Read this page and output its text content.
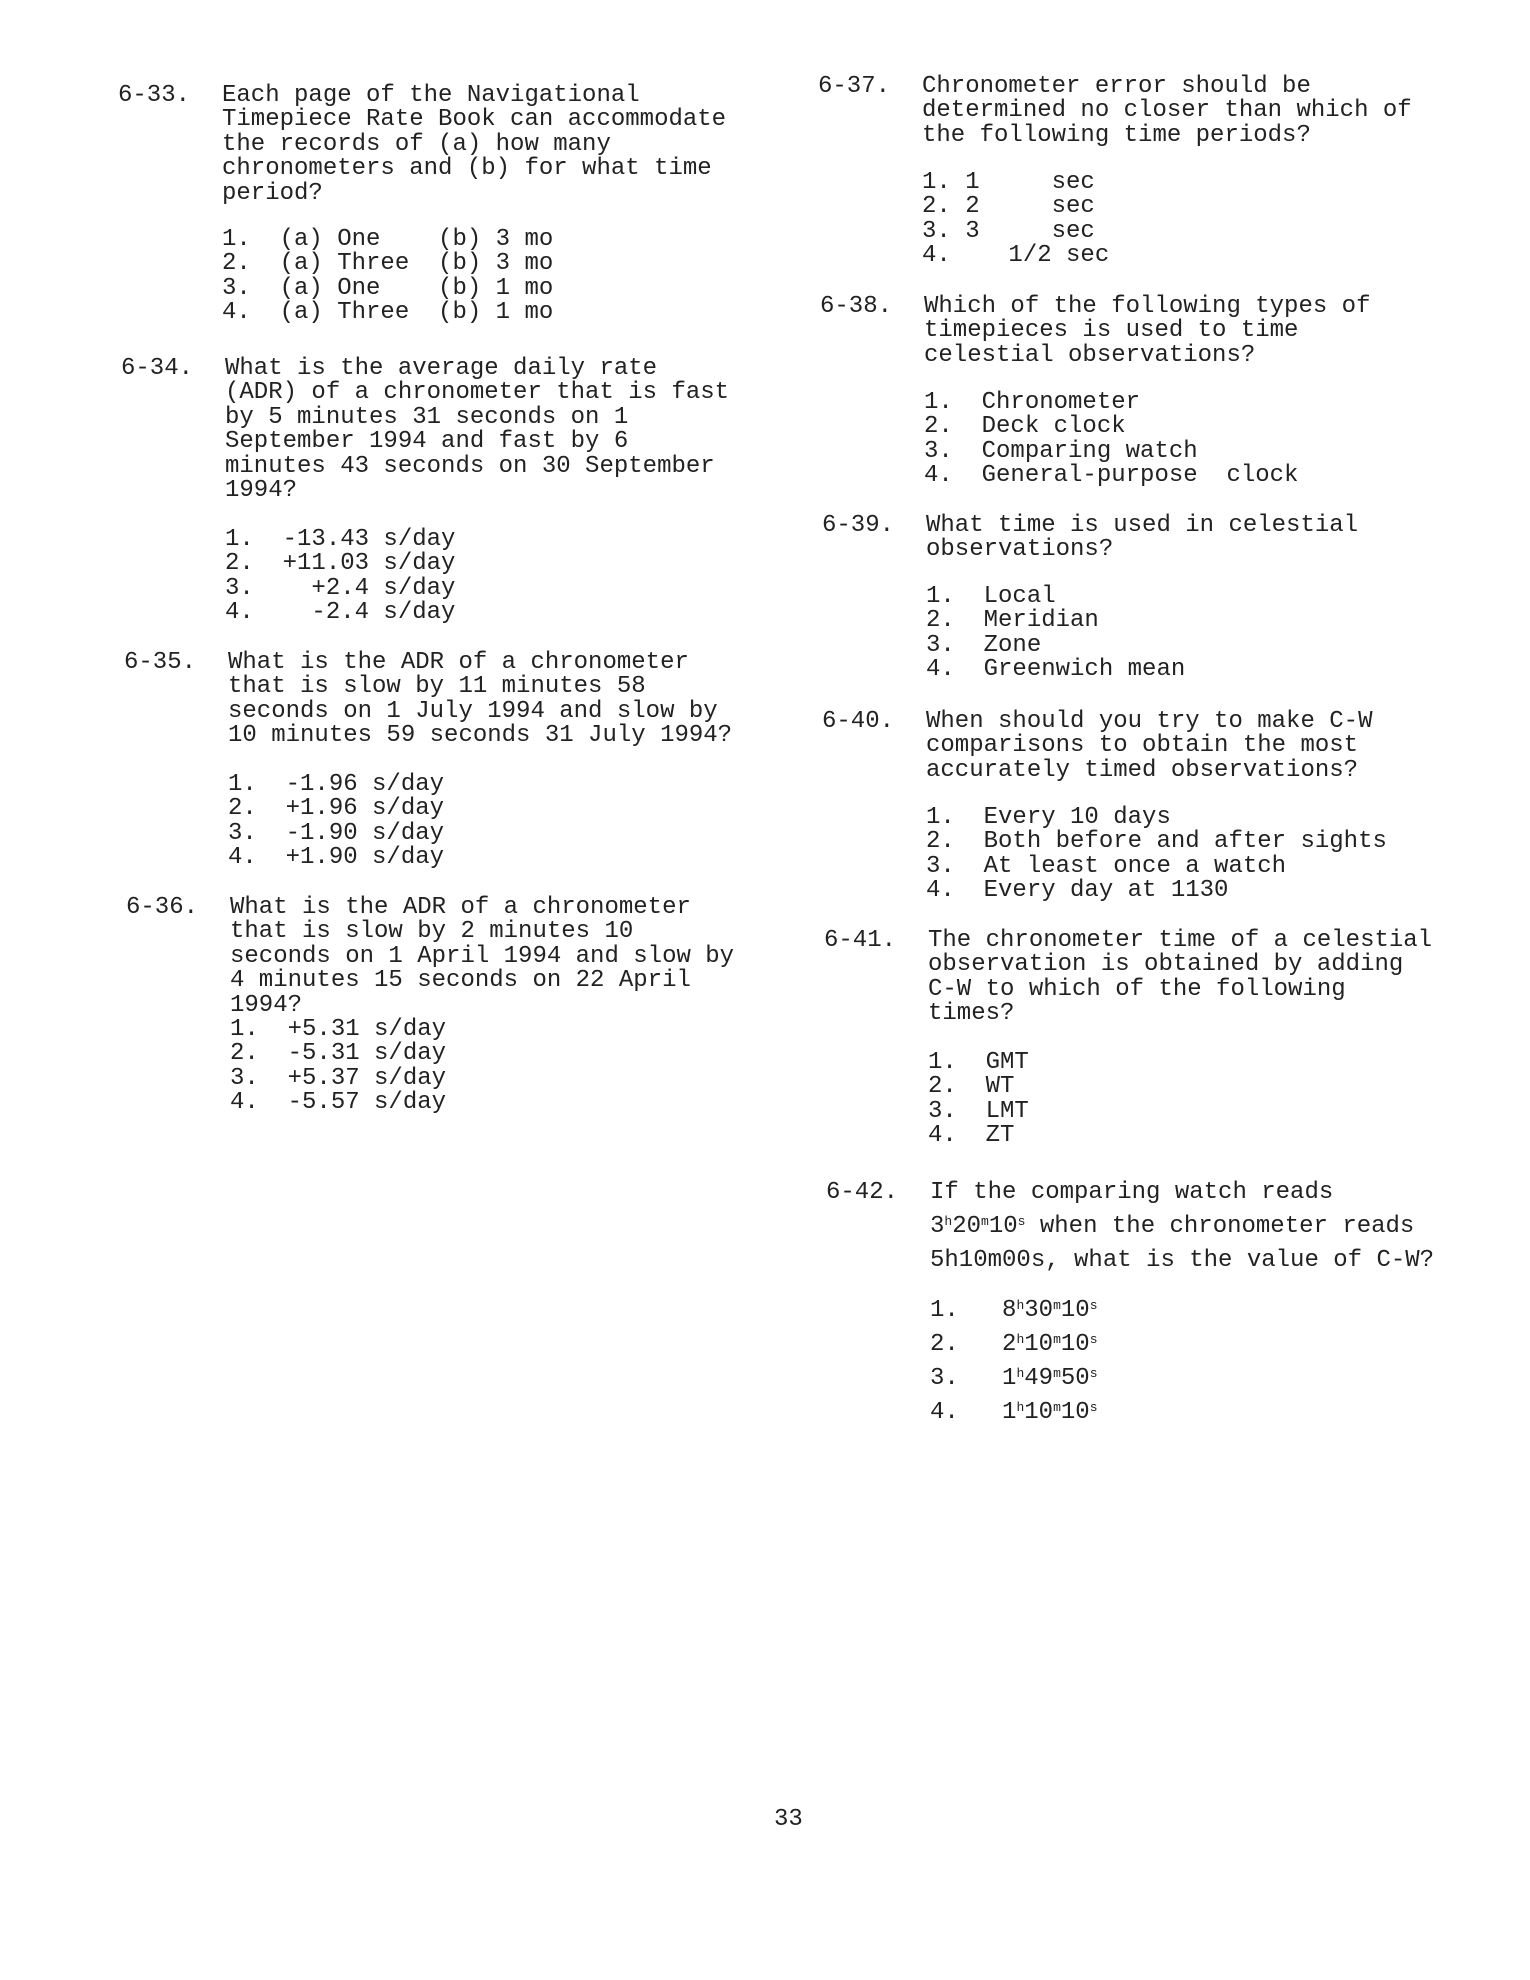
6-33. Each page of the Navigational
Timepiece Rate Book can accommodate
the records of (a) how many
chronometers and (b) for what time
period?
1.  (a) One    (b) 3 mo
2.  (a) Three  (b) 3 mo
3.  (a) One    (b) 1 mo
4.  (a) Three  (b) 1 mo
6-34. What is the average daily rate
(ADR) of a chronometer that is fast
by 5 minutes 31 seconds on 1
September 1994 and fast by 6
minutes 43 seconds on 30 September
1994?
1.  -13.43 s/day
2.  +11.03 s/day
3.    +2.4 s/day
4.    -2.4 s/day
6-35. What is the ADR of a chronometer
that is slow by 11 minutes 58
seconds on 1 July 1994 and slow by
10 minutes 59 seconds 31 July 1994?
1.  -1.96 s/day
2.  +1.96 s/day
3.  -1.90 s/day
4.  +1.90 s/day
6-36. What is the ADR of a chronometer
that is slow by 2 minutes 10
seconds on 1 April 1994 and slow by
4 minutes 15 seconds on 22 April
1994?
1.  +5.31 s/day
2.  -5.31 s/day
3.  +5.37 s/day
4.  -5.57 s/day
6-37. Chronometer error should be
determined no closer than which of
the following time periods?
1. 1     sec
2. 2     sec
3. 3     sec
4.    1/2 sec
6-38. Which of the following types of
timepieces is used to time
celestial observations?
1.  Chronometer
2.  Deck clock
3.  Comparing watch
4.  General-purpose  clock
6-39. What time is used in celestial
observations?
1.  Local
2.  Meridian
3.  Zone
4.  Greenwich mean
6-40. When should you try to make C-W
comparisons to obtain the most
accurately timed observations?
1.  Every 10 days
2.  Both before and after sights
3.  At least once a watch
4.  Every day at 1130
6-41. The chronometer time of a celestial
observation is obtained by adding
C-W to which of the following
times?
1.  GMT
2.  WT
3.  LMT
4.  ZT
6-42. If the comparing watch reads
3$^h$20$^m$10$^s$ when the chronometer reads
5h10m00s, what is the value of C-W?
1. 8$^h$30$^m$10$^s$
2. 2$^h$10$^m$10$^s$
3. 1$^h$49$^m$50$^s$
4. 1$^h$10$^m$10$^s$
33
